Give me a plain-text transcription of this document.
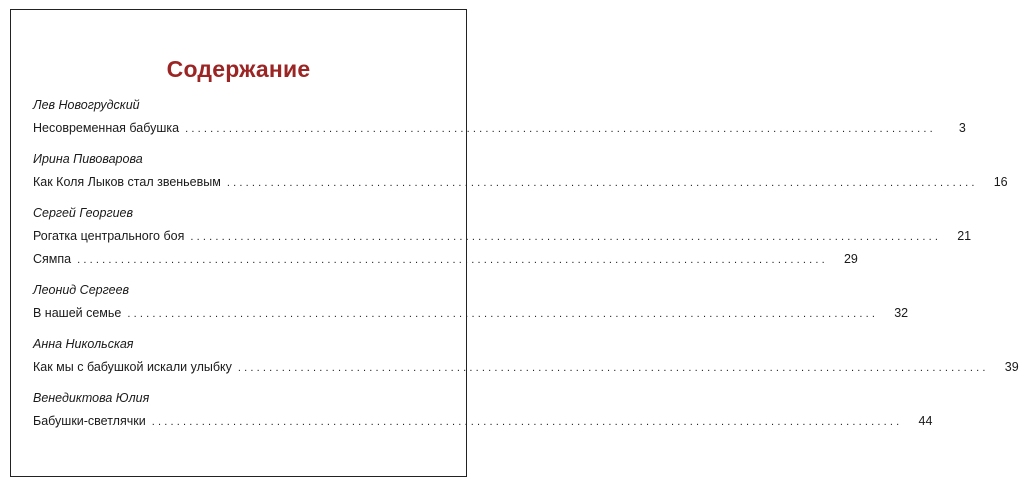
Содержание
Лев Новогрудский
Несовременная бабушка ........................................................................................................................	3
Ирина Пивоварова
Как Коля Лыков стал звеньевым ........................................................................................................................	16
Сергей Георгиев
Рогатка центрального боя ........................................................................................................................	21
Сямпа ........................................................................................................................	29
Леонид Сергеев
В нашей семье ........................................................................................................................	32
Анна Никольская
Как мы с бабушкой искали улыбку ........................................................................................................................	39
Венедиктова Юлия
Бабушки-светлячки ........................................................................................................................	44
